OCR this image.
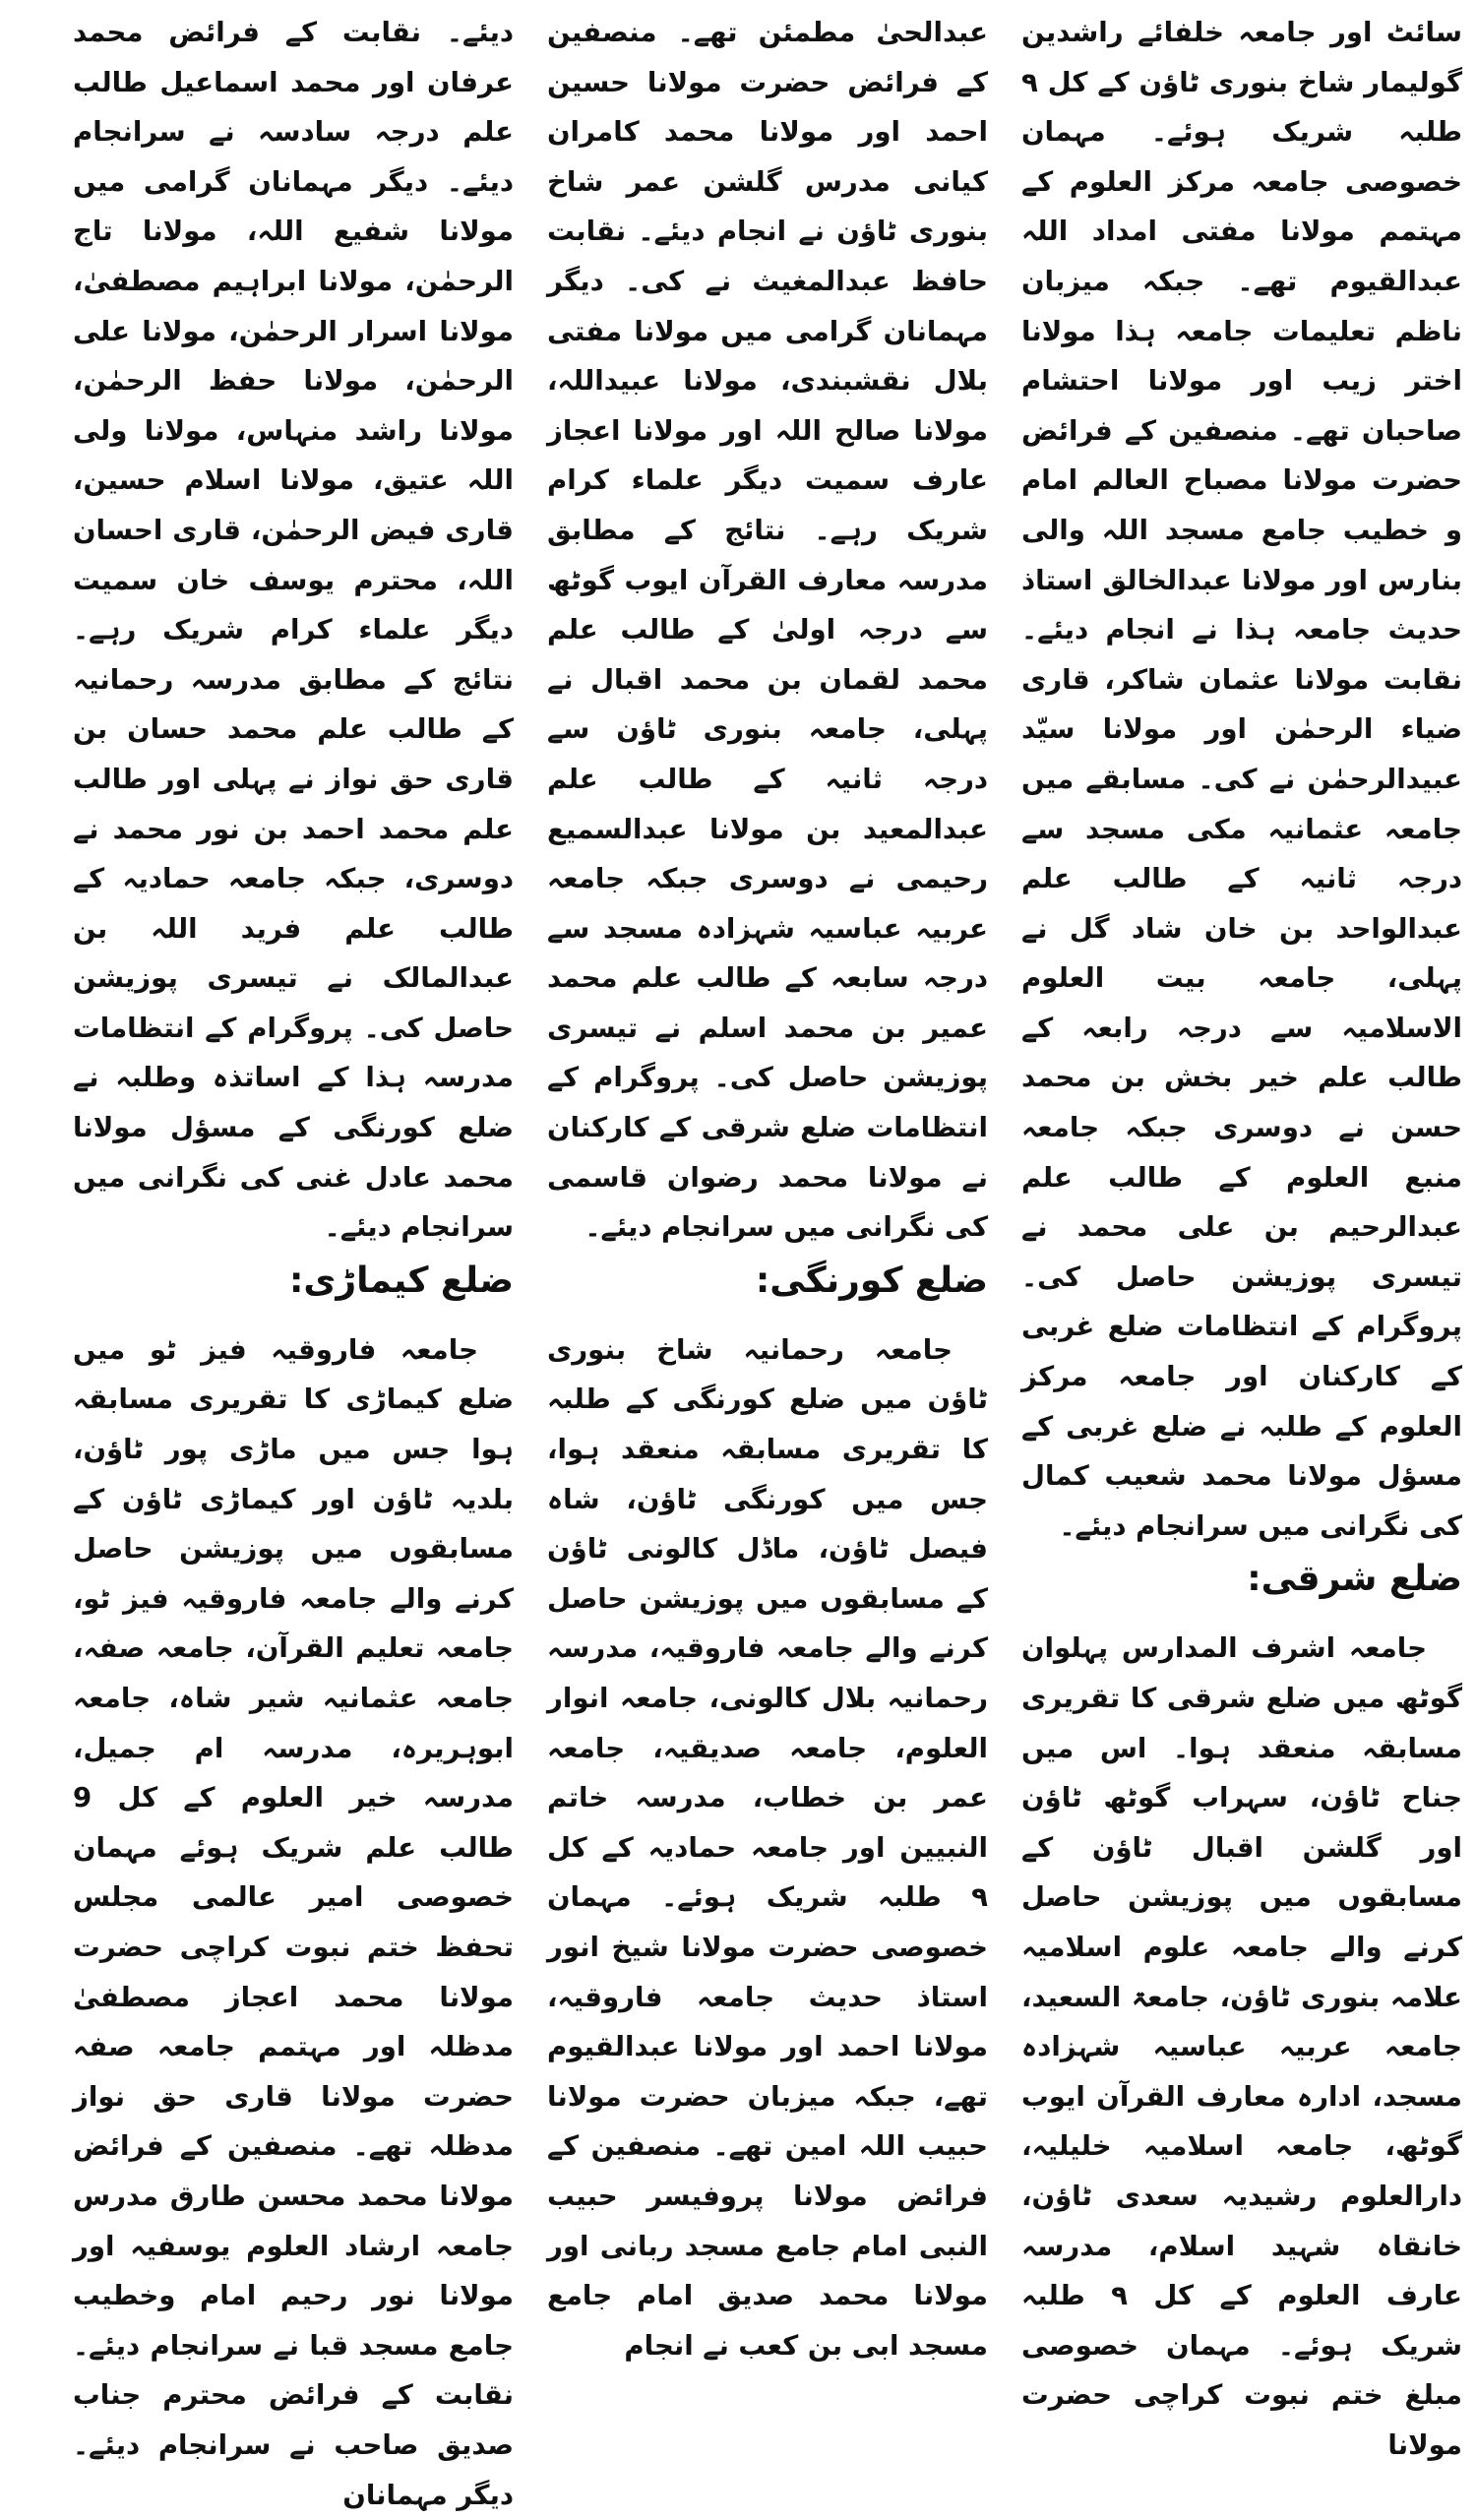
سائٹ اور جامعہ خلفائے راشدین گولیمار شاخ بنوری ٹاؤن کے کل ۹ طلبہ شریک ہوئے۔ مہمان خصوصی جامعہ مرکز العلوم کے مہتمم مولانا مفتی امداد اللہ عبدالقیوم تھے۔ جبکہ میزبان ناظم تعلیمات جامعہ ہذا مولانا اختر زیب اور مولانا احتشام صاحبان تھے۔ منصفین کے فرائض حضرت مولانا مصباح العالم امام و خطیب جامع مسجد اللہ والی بنارس اور مولانا عبدالخالق استاذ حدیث جامعہ ہذا نے انجام دیئے۔ نقابت مولانا عثمان شاکر، قاری ضیاء الرحمٰن اور مولانا سیّد عبیدالرحمٰن نے کی۔ مسابقے میں جامعہ عثمانیہ مکی مسجد سے درجہ ثانیہ کے طالب علم عبدالواحد بن خان شاد گل نے پہلی، جامعہ بیت العلوم الاسلامیہ سے درجہ رابعہ کے طالب علم خیر بخش بن محمد حسن نے دوسری جبکہ جامعہ منبع العلوم کے طالب علم عبدالرحیم بن علی محمد نے تیسری پوزیشن حاصل کی۔ پروگرام کے انتظامات ضلع غربی کے کارکنان اور جامعہ مرکز العلوم کے طلبہ نے ضلع غربی کے مسؤل مولانا محمد شعیب کمال کی نگرانی میں سرانجام دیئے۔

ضلع شرقی:

جامعہ اشرف المدارس پہلوان گوٹھ میں ضلع شرقی کا تقریری مسابقہ منعقد ہوا۔ اس میں جناح ٹاؤن، سہراب گوٹھ ٹاؤن اور گلشن اقبال ٹاؤن کے مسابقوں میں پوزیشن حاصل کرنے والے جامعہ علوم اسلامیہ علامہ بنوری ٹاؤن، جامعۃ السعید، جامعہ عربیہ عباسیہ شہزادہ مسجد، ادارہ معارف القرآن ایوب گوٹھ، جامعہ اسلامیہ خلیلیہ، دارالعلوم رشیدیہ سعدی ٹاؤن، خانقاہ شہید اسلام، مدرسہ عارف العلوم کے کل ۹ طلبہ شریک ہوئے۔ مہمان خصوصی مبلغ ختم نبوت کراچی حضرت مولانا

عبدالحیٰ مطمئن تھے۔ منصفین کے فرائض حضرت مولانا حسین احمد اور مولانا محمد کامران کیانی مدرس گلشن عمر شاخ بنوری ٹاؤن نے انجام دیئے۔ نقابت حافظ عبدالمغیث نے کی۔ دیگر مہمانان گرامی میں مولانا مفتی بلال نقشبندی، مولانا عبیداللہ، مولانا صالح اللہ اور مولانا اعجاز عارف سمیت دیگر علماء کرام شریک رہے۔ نتائج کے مطابق مدرسہ معارف القرآن ایوب گوٹھ سے درجہ اولیٰ کے طالب علم محمد لقمان بن محمد اقبال نے پہلی، جامعہ بنوری ٹاؤن سے درجہ ثانیہ کے طالب علم عبدالمعید بن مولانا عبدالسمیع رحیمی نے دوسری جبکہ جامعہ عربیہ عباسیہ شہزادہ مسجد سے درجہ سابعہ کے طالب علم محمد عمیر بن محمد اسلم نے تیسری پوزیشن حاصل کی۔ پروگرام کے انتظامات ضلع شرقی کے کارکنان نے مولانا محمد رضوان قاسمی کی نگرانی میں سرانجام دیئے۔

ضلع کورنگی:

جامعہ رحمانیہ شاخ بنوری ٹاؤن میں ضلع کورنگی کے طلبہ کا تقریری مسابقہ منعقد ہوا، جس میں کورنگی ٹاؤن، شاہ فیصل ٹاؤن، ماڈل کالونی ٹاؤن کے مسابقوں میں پوزیشن حاصل کرنے والے جامعہ فاروقیہ، مدرسہ رحمانیہ بلال کالونی، جامعہ انوار العلوم، جامعہ صدیقیہ، جامعہ عمر بن خطاب، مدرسہ خاتم النبیین اور جامعہ حمادیہ کے کل ۹ طلبہ شریک ہوئے۔ مہمان خصوصی حضرت مولانا شیخ انور استاذ حدیث جامعہ فاروقیہ، مولانا احمد اور مولانا عبدالقیوم تھے، جبکہ میزبان حضرت مولانا حبیب اللہ امین تھے۔ منصفین کے فرائض مولانا پروفیسر حبیب النبی امام جامع مسجد ربانی اور مولانا محمد صدیق امام جامع مسجد ابی بن کعب نے انجام

دیئے۔ نقابت کے فرائض محمد عرفان اور محمد اسماعیل طالب علم درجہ سادسہ نے سرانجام دیئے۔ دیگر مہمانان گرامی میں مولانا شفیع اللہ، مولانا تاج الرحمٰن، مولانا ابراہیم مصطفیٰ، مولانا اسرار الرحمٰن، مولانا علی الرحمٰن، مولانا حفظ الرحمٰن، مولانا راشد منہاس، مولانا ولی اللہ عتیق، مولانا اسلام حسین، قاری فیض الرحمٰن، قاری احسان اللہ، محترم یوسف خان سمیت دیگر علماء کرام شریک رہے۔ نتائج کے مطابق مدرسہ رحمانیہ کے طالب علم محمد حسان بن قاری حق نواز نے پہلی اور طالب علم محمد احمد بن نور محمد نے دوسری، جبکہ جامعہ حمادیہ کے طالب علم فرید اللہ بن عبدالمالک نے تیسری پوزیشن حاصل کی۔ پروگرام کے انتظامات مدرسہ ہذا کے اساتذہ وطلبہ نے ضلع کورنگی کے مسؤل مولانا محمد عادل غنی کی نگرانی میں سرانجام دیئے۔

ضلع کیماڑی:

جامعہ فاروقیہ فیز ٹو میں ضلع کیماڑی کا تقریری مسابقہ ہوا جس میں ماڑی پور ٹاؤن، بلدیہ ٹاؤن اور کیماڑی ٹاؤن کے مسابقوں میں پوزیشن حاصل کرنے والے جامعہ فاروقیہ فیز ٹو، جامعہ تعلیم القرآن، جامعہ صفہ، جامعہ عثمانیہ شیر شاہ، جامعہ ابوہریرہ، مدرسہ ام جمیل، مدرسہ خیر العلوم کے کل 9 طالب علم شریک ہوئے مہمان خصوصی امیر عالمی مجلس تحفظ ختم نبوت کراچی حضرت مولانا محمد اعجاز مصطفیٰ مدظلہ اور مہتمم جامعہ صفہ حضرت مولانا قاری حق نواز مدظلہ تھے۔ منصفین کے فرائض مولانا محمد محسن طارق مدرس جامعہ ارشاد العلوم یوسفیہ اور مولانا نور رحیم امام وخطیب جامع مسجد قبا نے سرانجام دیئے۔ نقابت کے فرائض محترم جناب صدیق صاحب نے سرانجام دیئے۔ دیگر مہمانان
